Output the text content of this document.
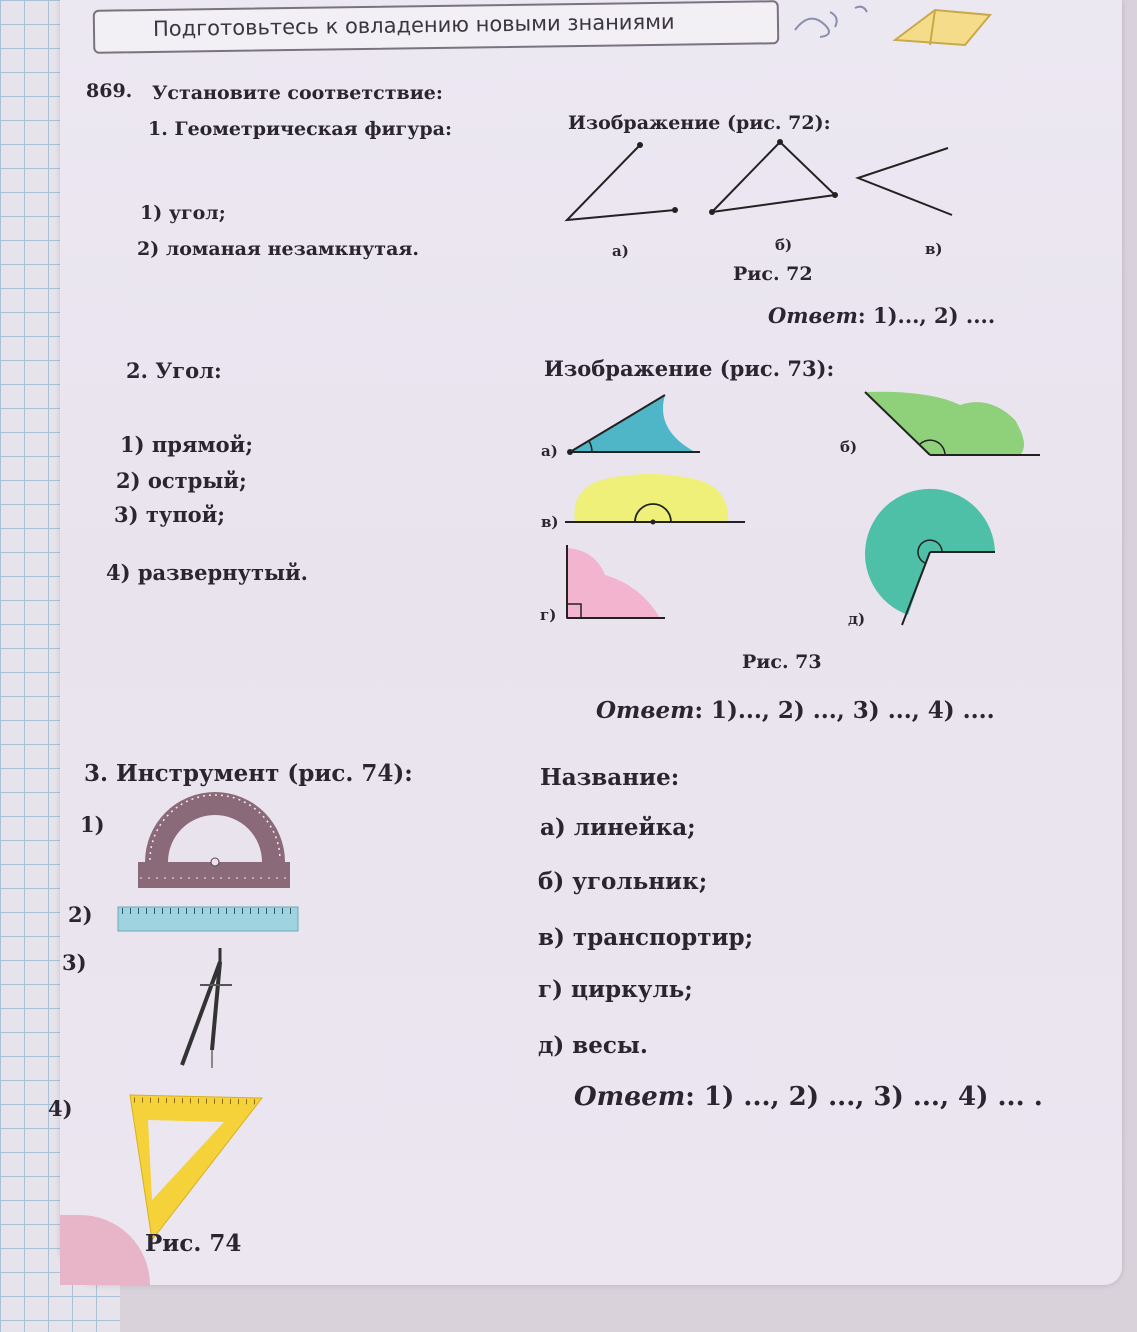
Подготовьтесь к овладению новыми знаниями
869. Установите соответствие:
1. Геометрическая фигура:	Изображение (рис. 72):
1) угол;
2) ломаная незамкнутая.	а)	б)	в)
Рис. 72
Ответ: 1)..., 2) ....
2. Угол:	Изображение (рис. 73):
1) прямой;
2) острый;
3) тупой;
4) развернутый.
а)	б)
в)
г)	д)
Рис. 73
Ответ: 1)..., 2) ..., 3) ..., 4) ....
3. Инструмент (рис. 74):	Название:
а) линейка;
б) угольник;
в) транспортир;
г) циркуль;
д) весы.
Ответ: 1) ..., 2) ..., 3) ..., 4) ... .
1)
2)
3)
4)
Рис. 74
